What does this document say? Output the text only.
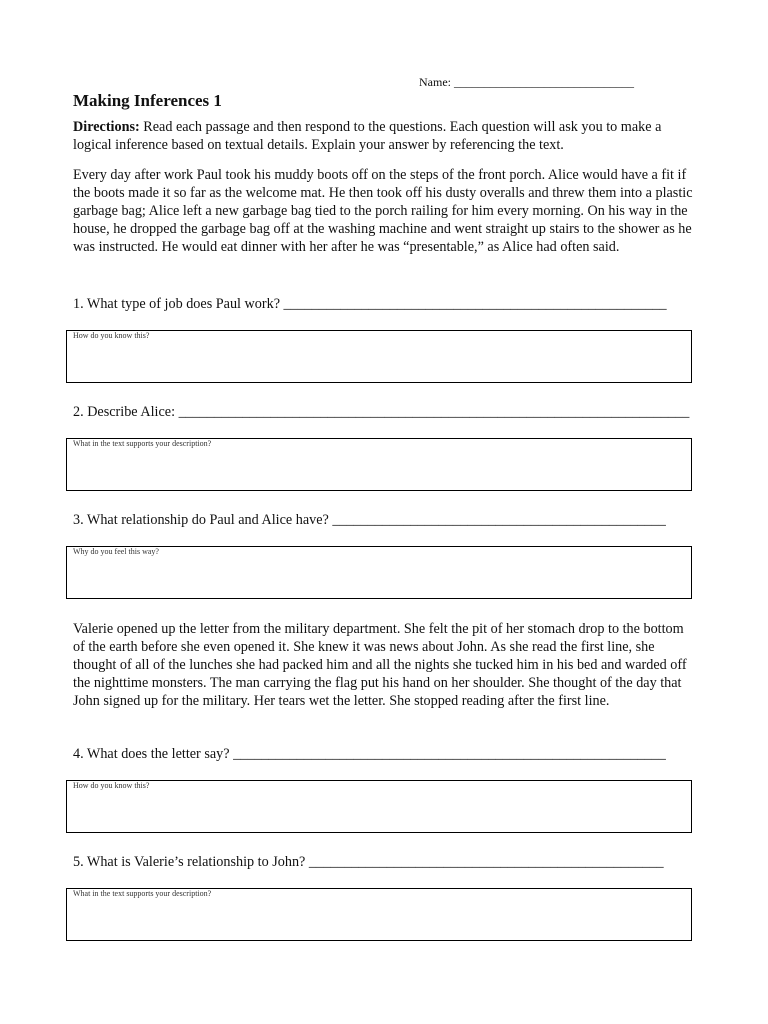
Name: ______________________________
Making Inferences 1

Directions: Read each passage and then respond to the questions. Each question will ask you to make a logical inference based on textual details. Explain your answer by referencing the text.

Every day after work Paul took his muddy boots off on the steps of the front porch. Alice would have a fit if the boots made it so far as the welcome mat. He then took off his dusty overalls and threw them into a plastic garbage bag; Alice left a new garbage bag tied to the porch railing for him every morning. On his way in the house, he dropped the garbage bag off at the washing machine and went straight up stairs to the shower as he was instructed. He would eat dinner with her after he was “presentable,” as Alice had often said.

1. What type of job does Paul work? ______________________________________________________

How do you know this?

2. Describe Alice: ________________________________________________________________________

What in the text supports your description?

3. What relationship do Paul and Alice have? _______________________________________________

Why do you feel this way?

Valerie opened up the letter from the military department. She felt the pit of her stomach drop to the bottom of the earth before she even opened it. She knew it was news about John. As she read the first line, she thought of all of the lunches she had packed him and all the nights she tucked him in his bed and warded off the nighttime monsters. The man carrying the flag put his hand on her shoulder. She thought of the day that John signed up for the military. Her tears wet the letter. She stopped reading after the first line.

4. What does the letter say? _____________________________________________________________

How do you know this?

5. What is Valerie’s relationship to John? __________________________________________________

What in the text supports your description?
